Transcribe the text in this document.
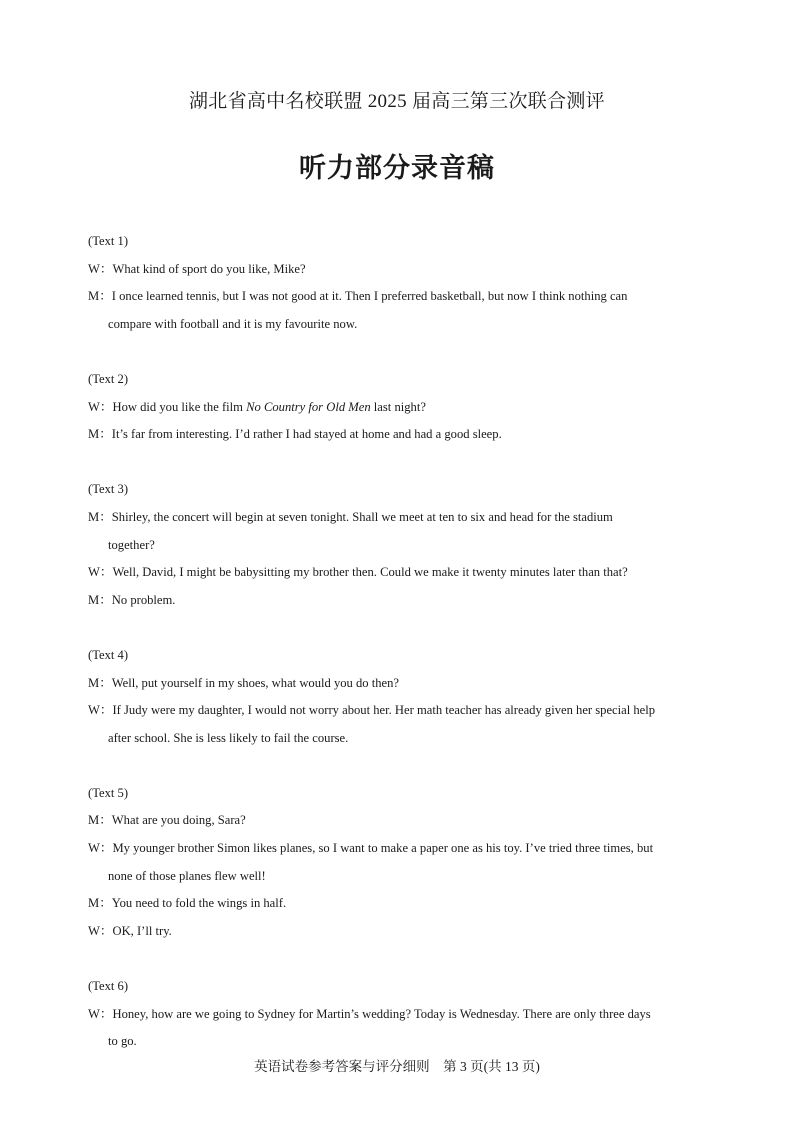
湖北省高中名校联盟 2025 届高三第三次联合测评
听力部分录音稿
(Text 1)
W：What kind of sport do you like, Mike?
M：I once learned tennis, but I was not good at it. Then I preferred basketball, but now I think nothing can
compare with football and it is my favourite now.
(Text 2)
W：How did you like the film No Country for Old Men last night?
M：It’s far from interesting. I’d rather I had stayed at home and had a good sleep.
(Text 3)
M：Shirley, the concert will begin at seven tonight. Shall we meet at ten to six and head for the stadium
together?
W：Well, David, I might be babysitting my brother then. Could we make it twenty minutes later than that?
M：No problem.
(Text 4)
M：Well, put yourself in my shoes, what would you do then?
W：If Judy were my daughter, I would not worry about her. Her math teacher has already given her special help
after school. She is less likely to fail the course.
(Text 5)
M：What are you doing, Sara?
W：My younger brother Simon likes planes, so I want to make a paper one as his toy. I’ve tried three times, but
none of those planes flew well!
M：You need to fold the wings in half.
W：OK, I’ll try.
(Text 6)
W：Honey, how are we going to Sydney for Martin’s wedding? Today is Wednesday. There are only three days
to go.
英语试卷参考答案与评分细则　第 3 页(共 13 页)
